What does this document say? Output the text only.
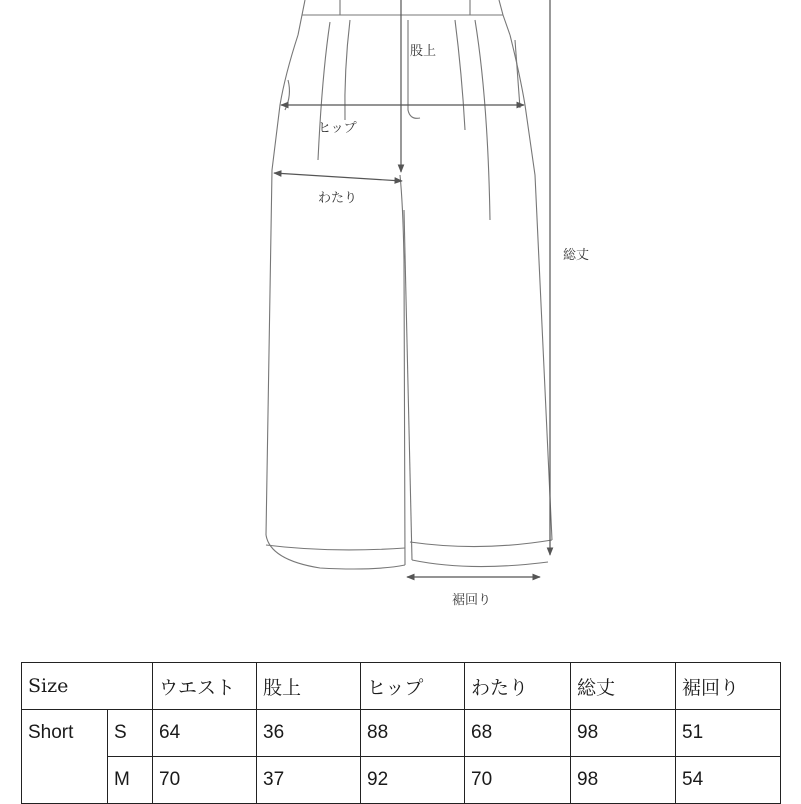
股上
ヒップ
わたり
総丈
裾回り
Size		ウエスト	股上	ヒップ	わたり	総丈	裾回り
Short	S	64	36	88	68	98	51
	M	70	37	92	70	98	54
